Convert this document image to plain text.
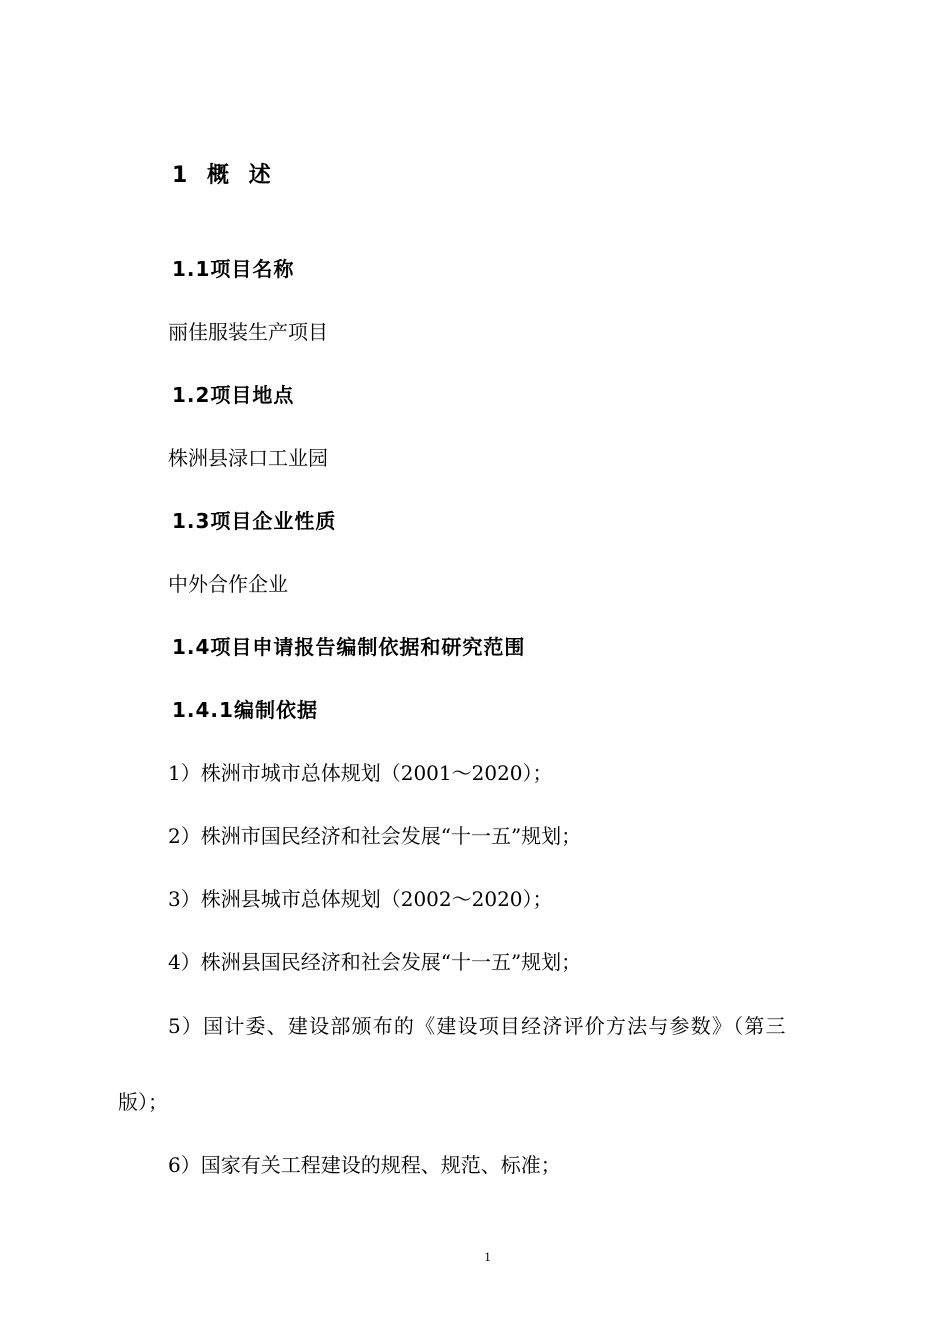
1 概 述
1.1项目名称
丽佳服装生产项目
1.2项目地点
株洲县渌口工业园
1.3项目企业性质
中外合作企业
1.4项目申请报告编制依据和研究范围
1.4.1编制依据
1）株洲市城市总体规划（2001～2020）；
2）株洲市国民经济和社会发展“十一五”规划；
3）株洲县城市总体规划（2002～2020）；
4）株洲县国民经济和社会发展“十一五”规划；
5）国计委、建设部颁布的《建设项目经济评价方法与参数》（第三
版）；
6）国家有关工程建设的规程、规范、标准；
1
